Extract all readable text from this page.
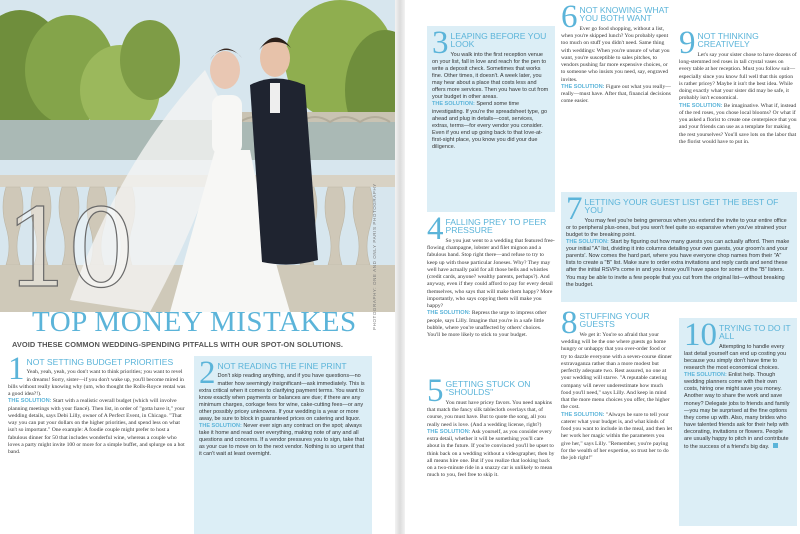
PHOTOGRAPHY: ONE AND ONLY PARIS PHOTOGRAPHY
10
TOP MONEY MISTAKES
AVOID THESE COMMON WEDDING-SPENDING PITFALLS WITH OUR SPOT-ON SOLUTIONS.
1 NOT SETTING BUDGET PRIORITIES
Yeah, yeah, yeah, you don't want to think priorities; you want to revel in dreams! Sorry, sister—if you don't wake up, you'll become mired in bills without really knowing why (um, who thought the Rolls-Royce rental was a good idea?!).
THE SOLUTION: Start with a realistic overall budget (which will involve planning meetings with your fiancé). Then list, in order of "gotta have it," your wedding details, says Debi Lilly, owner of A Perfect Event, in Chicago. "That way you can put your dollars on the higher priorities, and spend less on what isn't so important." One example: A foodie couple might prefer to host a fabulous dinner for 50 that includes wonderful wine, whereas a couple who loves a party might invite 100 or more for a simple buffet, and splurge on a hot band.
2 NOT READING THE FINE PRINT
Don't skip reading anything, and if you have questions—no matter how seemingly insignificant—ask immediately. This is extra critical when it comes to clarifying payment terms. You want to know exactly when payments or balances are due; if there are any minimum charges, corkage fees for wine, cake-cutting fees—or any other possibly pricey unknowns. If your wedding is a year or more away, be sure to block in guaranteed prices on catering and liquor.
THE SOLUTION: Never ever sign any contract on the spot; always take it home and read over everything, making note of any and all questions and concerns. If a vendor pressures you to sign, take that as your cue to move on to the next vendor. Nothing is so urgent that it can't wait at least overnight.
3 LEAPING BEFORE YOU LOOK
You walk into the first reception venue on your list, fall in love and reach for the pen to write a deposit check. Sometimes that works fine. Other times, it doesn't. A week later, you may hear about a place that costs less and offers more services. Then you have to cut from your budget in other areas.
THE SOLUTION: Spend some time investigating. If you're the spreadsheet type, go ahead and plug in details—cost, services, extras, terms—for every vendor you consider. Even if you end up going back to that love-at-first-sight place, you know you did your due diligence.
4 FALLING PREY TO PEER PRESSURE
So you just went to a wedding that featured free-flowing champagne, lobster and filet mignon and a fabulous band. Stop right there—and refuse to try to keep up with those particular Joneses. Why? They may well have actually paid for all those bells and whistles (credit cards, anyone? wealthy parents, perhaps?). And anyway, even if they could afford to pay for every detail themselves, who says that will make them happy? More importantly, who says copying them will make you happy?
THE SOLUTION: Repress the urge to impress other people, says Lilly. Imagine that you're in a safe little bubble, where you're unaffected by others' choices. You'll be more likely to stick to your budget.
5 GETTING STUCK ON "SHOULDS"
You must have pricey favors. You need napkins that match the fancy silk tablecloth overlays that, of course, you must have. But to quote the song, all you really need is love. (And a wedding license, right?)
THE SOLUTION: Ask yourself, as you consider every extra detail, whether it will be something you'll care about in the future. If you're convinced you'll be upset to think back on a wedding without a videographer, then by all means hire one. But if you realize that looking back on a two-minute ride in a snazzy car is unlikely to mean much to you, feel free to skip it.
6 NOT KNOWING WHAT YOU BOTH WANT
Ever go food shopping, without a list, when you're skipped lunch? You probably spent too much on stuff you didn't need. Same thing with weddings: When you're unsure of what you want, you're susceptible to sales pitches, to vendors pushing far more expensive choices, or to someone who insists you need, say, engraved invites.
THE SOLUTION: Figure out what you really—really—must have. After that, financial decisions come easier.
9 NOT THINKING CREATIVELY
Let's say your sister chose to have dozens of long-stemmed red roses in tall crystal vases on every table at her reception. Must you follow suit—especially since you know full well that this option is rather pricey? Maybe it isn't the best idea. While doing exactly what your sister did may be safe, it probably isn't economical.
THE SOLUTION: Be imaginative. What if, instead of the red roses, you chose local blooms? Or what if you asked a florist to create one centerpiece that you and your friends can use as a template for making the rest yourselves? You'll save lots on the labor that the florist would have to put in.
7 LETTING YOUR GUEST LIST GET THE BEST OF YOU
You may feel you're being generous when you extend the invite to your entire office or to peripheral plus-ones, but you won't feel quite so expansive when you've strained your budget to the breaking point.
THE SOLUTION: Start by figuring out how many guests you can actually afford. Then make your initial "A" list, dividing it into columns detailing your own guests, your groom's and your parents'. Now comes the hard part, where you have everyone chop names from their "A" lists to create a "B" list. Make sure to order extra invitations and reply cards and send these after the initial RSVPs come in and you know you'll have space for some of the "B" listers. You may be able to invite a few people that you cut from the original list—without breaking the budget.
8 STUFFING YOUR GUESTS
We get it: You're so afraid that your wedding will be the one where guests go home hungry or unhappy that you over-order food or try to dazzle everyone with a seven-course dinner extravaganza rather than a more modest but perfectly adequate two. Rest assured, no one at your wedding will starve. "A reputable catering company will never underestimate how much food you'll need," says Lilly. And keep in mind that the more menu choices you offer, the higher the cost.
THE SOLUTION: "Always be sure to tell your caterer what your budget is, and what kinds of food you want to include in the meal, and then let her work her magic within the parameters you give her," says Lilly. "Remember, you're paying for the wealth of her expertise, so trust her to do the job right!"
10 TRYING TO DO IT ALL
Attempting to handle every last detail yourself can end up costing you because you simply don't have time to research the most economical choices.
THE SOLUTION: Enlist help. Though wedding planners come with their own costs, hiring one might save you money. Another way to share the work and save money? Delegate jobs to friends and family—you may be surprised at the fine options they come up with. Also, many brides who have talented friends ask for their help with decorating, invitations or flowers. People are usually happy to pitch in and contribute to the success of a friend's big day.
